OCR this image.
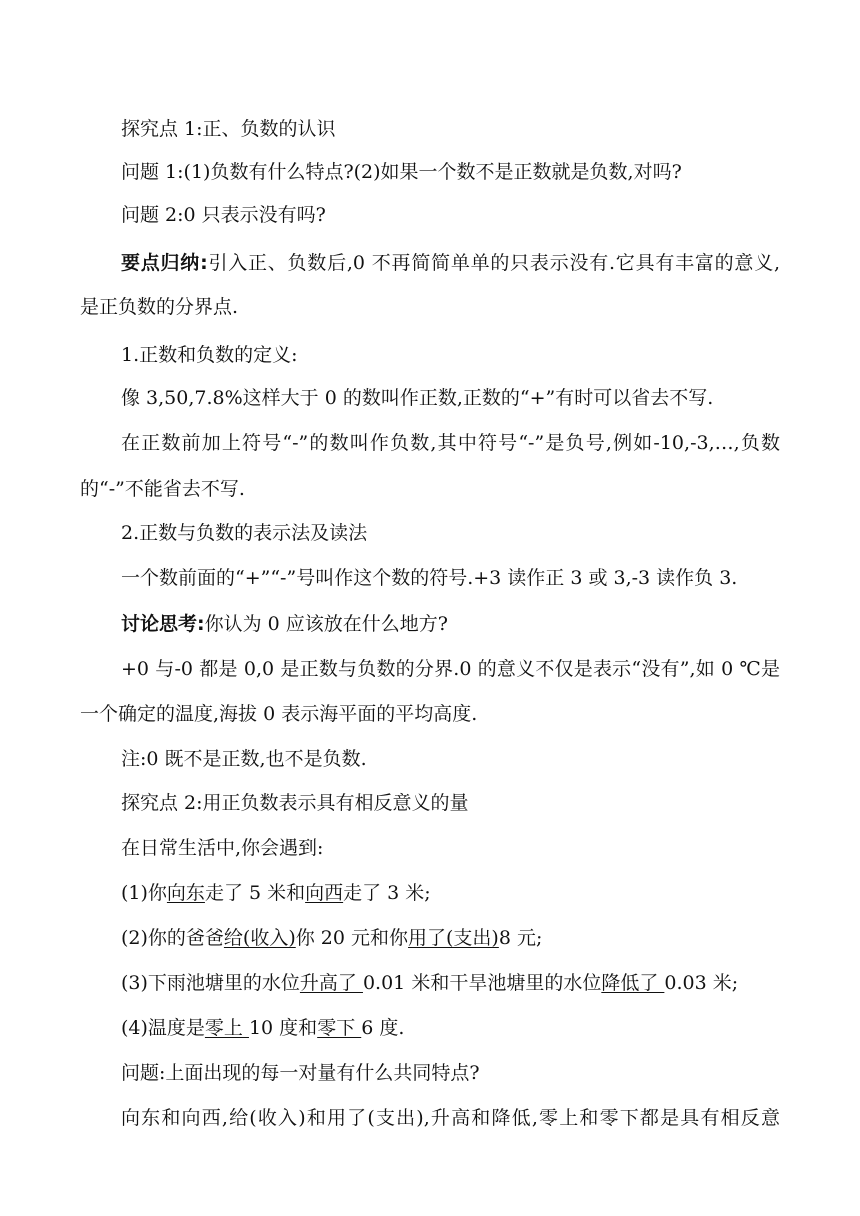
探究点 1:正、负数的认识
问题 1:(1)负数有什么特点?(2)如果一个数不是正数就是负数,对吗?
问题 2:0 只表示没有吗?
要点归纳:引入正、负数后,0 不再简简单单的只表示没有.它具有丰富的意义,
是正负数的分界点.
1.正数和负数的定义:
像 3,50,7.8%这样大于 0 的数叫作正数,正数的“+”有时可以省去不写.
在正数前加上符号“-”的数叫作负数,其中符号“-”是负号,例如-10,-3,…,负数
的“-”不能省去不写.
2.正数与负数的表示法及读法
一个数前面的“+”“-”号叫作这个数的符号.+3 读作正 3 或 3,-3 读作负 3.
讨论思考:你认为 0 应该放在什么地方?
+0 与-0 都是 0,0 是正数与负数的分界.0 的意义不仅是表示“没有”,如 0 ℃是
一个确定的温度,海拔 0 表示海平面的平均高度.
注:0 既不是正数,也不是负数.
探究点 2:用正负数表示具有相反意义的量
在日常生活中,你会遇到:
(1)你向东走了 5 米和向西走了 3 米;
(2)你的爸爸给(收入)你 20 元和你用了(支出)8 元;
(3)下雨池塘里的水位升高了 0.01 米和干旱池塘里的水位降低了 0.03 米;
(4)温度是零上 10 度和零下 6 度.
问题:上面出现的每一对量有什么共同特点?
向东和向西,给(收入)和用了(支出),升高和降低,零上和零下都是具有相反意
